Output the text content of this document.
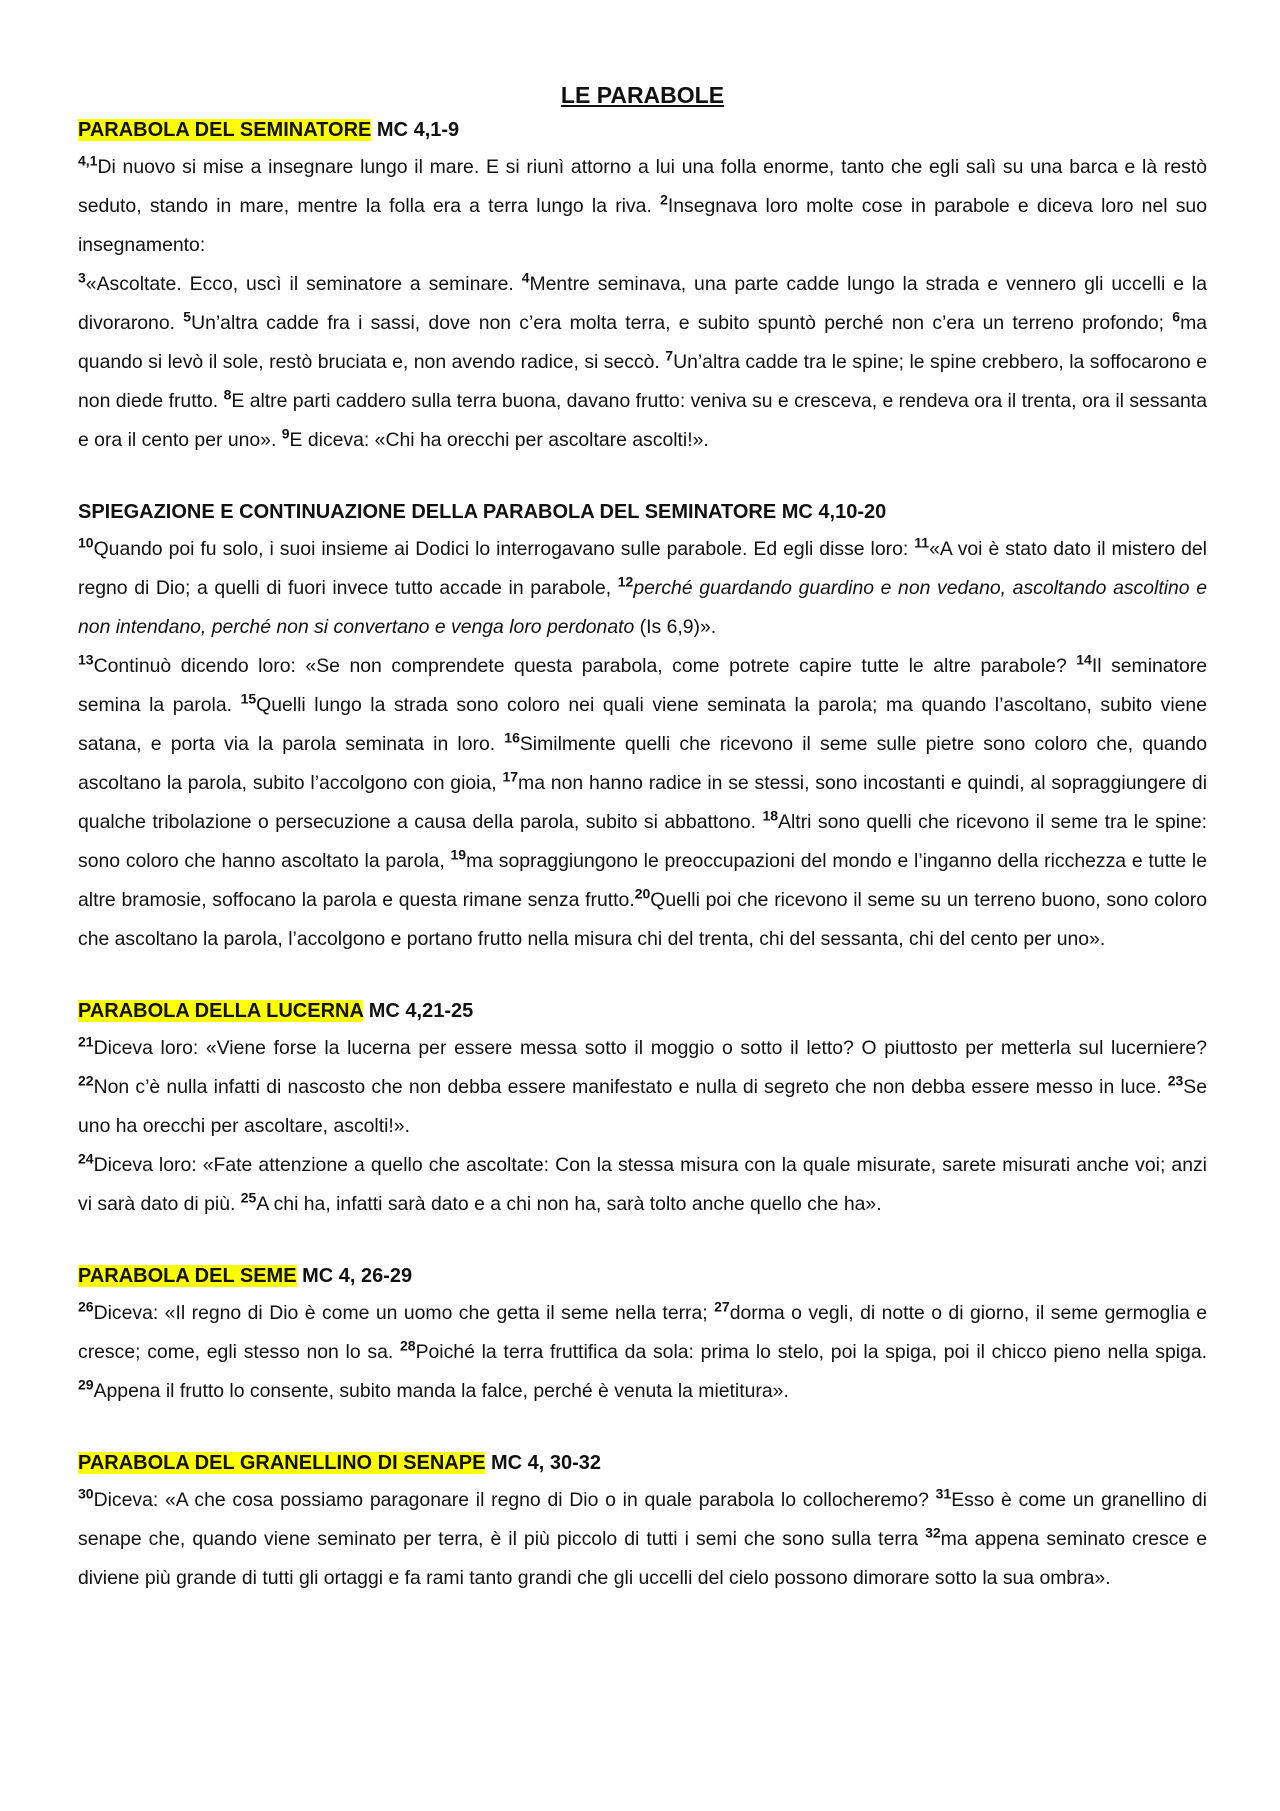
LE PARABOLE
PARABOLA DEL SEMINATORE MC 4,1-9

$^{4,1}$Di nuovo si mise a insegnare lungo il mare. E si riunì attorno a lui una folla enorme, tanto che egli salì su una barca e là restò seduto, stando in mare, mentre la folla era a terra lungo la riva. $^2$Insegnava loro molte cose in parabole e diceva loro nel suo insegnamento:

$^3$«Ascoltate. Ecco, uscì il seminatore a seminare. $^4$Mentre seminava, una parte cadde lungo la strada e vennero gli uccelli e la divorarono. $^5$Un’altra cadde fra i sassi, dove non c’era molta terra, e subito spuntò perché non c’era un terreno profondo; $^6$ma quando si levò il sole, restò bruciata e, non avendo radice, si seccò. $^7$Un’altra cadde tra le spine; le spine crebbero, la soffocarono e non diede frutto. $^8$E altre parti caddero sulla terra buona, davano frutto: veniva su e cresceva, e rendeva ora il trenta, ora il sessanta e ora il cento per uno». $^9$E diceva: «Chi ha orecchi per ascoltare ascolti!».

SPIEGAZIONE E CONTINUAZIONE DELLA PARABOLA DEL SEMINATORE MC 4,10-20

$^{10}$Quando poi fu solo, i suoi insieme ai Dodici lo interrogavano sulle parabole. Ed egli disse loro: $^{11}$«A voi è stato dato il mistero del regno di Dio; a quelli di fuori invece tutto accade in parabole, $^{12}$perché guardando guardino e non vedano, ascoltando ascoltino e non intendano, perché non si convertano e venga loro perdonato (Is 6,9)».

$^{13}$Continuò dicendo loro: «Se non comprendete questa parabola, come potrete capire tutte le altre parabole? $^{14}$Il seminatore semina la parola. $^{15}$Quelli lungo la strada sono coloro nei quali viene seminata la parola; ma quando l’ascoltano, subito viene satana, e porta via la parola seminata in loro. $^{16}$Similmente quelli che ricevono il seme sulle pietre sono coloro che, quando ascoltano la parola, subito l’accolgono con gioia, $^{17}$ma non hanno radice in se stessi, sono incostanti e quindi, al sopraggiungere di qualche tribolazione o persecuzione a causa della parola, subito si abbattono. $^{18}$Altri sono quelli che ricevono il seme tra le spine: sono coloro che hanno ascoltato la parola, $^{19}$ma sopraggiungono le preoccupazioni del mondo e l’inganno della ricchezza e tutte le altre bramosie, soffocano la parola e questa rimane senza frutto.$^{20}$Quelli poi che ricevono il seme su un terreno buono, sono coloro che ascoltano la parola, l’accolgono e portano frutto nella misura chi del trenta, chi del sessanta, chi del cento per uno».

PARABOLA DELLA LUCERNA MC 4,21-25

$^{21}$Diceva loro: «Viene forse la lucerna per essere messa sotto il moggio o sotto il letto? O piuttosto per metterla sul lucerniere? $^{22}$Non c’è nulla infatti di nascosto che non debba essere manifestato e nulla di segreto che non debba essere messo in luce. $^{23}$Se uno ha orecchi per ascoltare, ascolti!».

$^{24}$Diceva loro: «Fate attenzione a quello che ascoltate: Con la stessa misura con la quale misurate, sarete misurati anche voi; anzi vi sarà dato di più. $^{25}$A chi ha, infatti sarà dato e a chi non ha, sarà tolto anche quello che ha».

PARABOLA DEL SEME MC 4, 26-29

$^{26}$Diceva: «Il regno di Dio è come un uomo che getta il seme nella terra; $^{27}$dorma o vegli, di notte o di giorno, il seme germoglia e cresce; come, egli stesso non lo sa. $^{28}$Poiché la terra fruttifica da sola: prima lo stelo, poi la spiga, poi il chicco pieno nella spiga. $^{29}$Appena il frutto lo consente, subito manda la falce, perché è venuta la mietitura».

PARABOLA DEL GRANELLINO DI SENAPE MC 4, 30-32

$^{30}$Diceva: «A che cosa possiamo paragonare il regno di Dio o in quale parabola lo collocheremo? $^{31}$Esso è come un granellino di senape che, quando viene seminato per terra, è il più piccolo di tutti i semi che sono sulla terra $^{32}$ma appena seminato cresce e diviene più grande di tutti gli ortaggi e fa rami tanto grandi che gli uccelli del cielo possono dimorare sotto la sua ombra».
